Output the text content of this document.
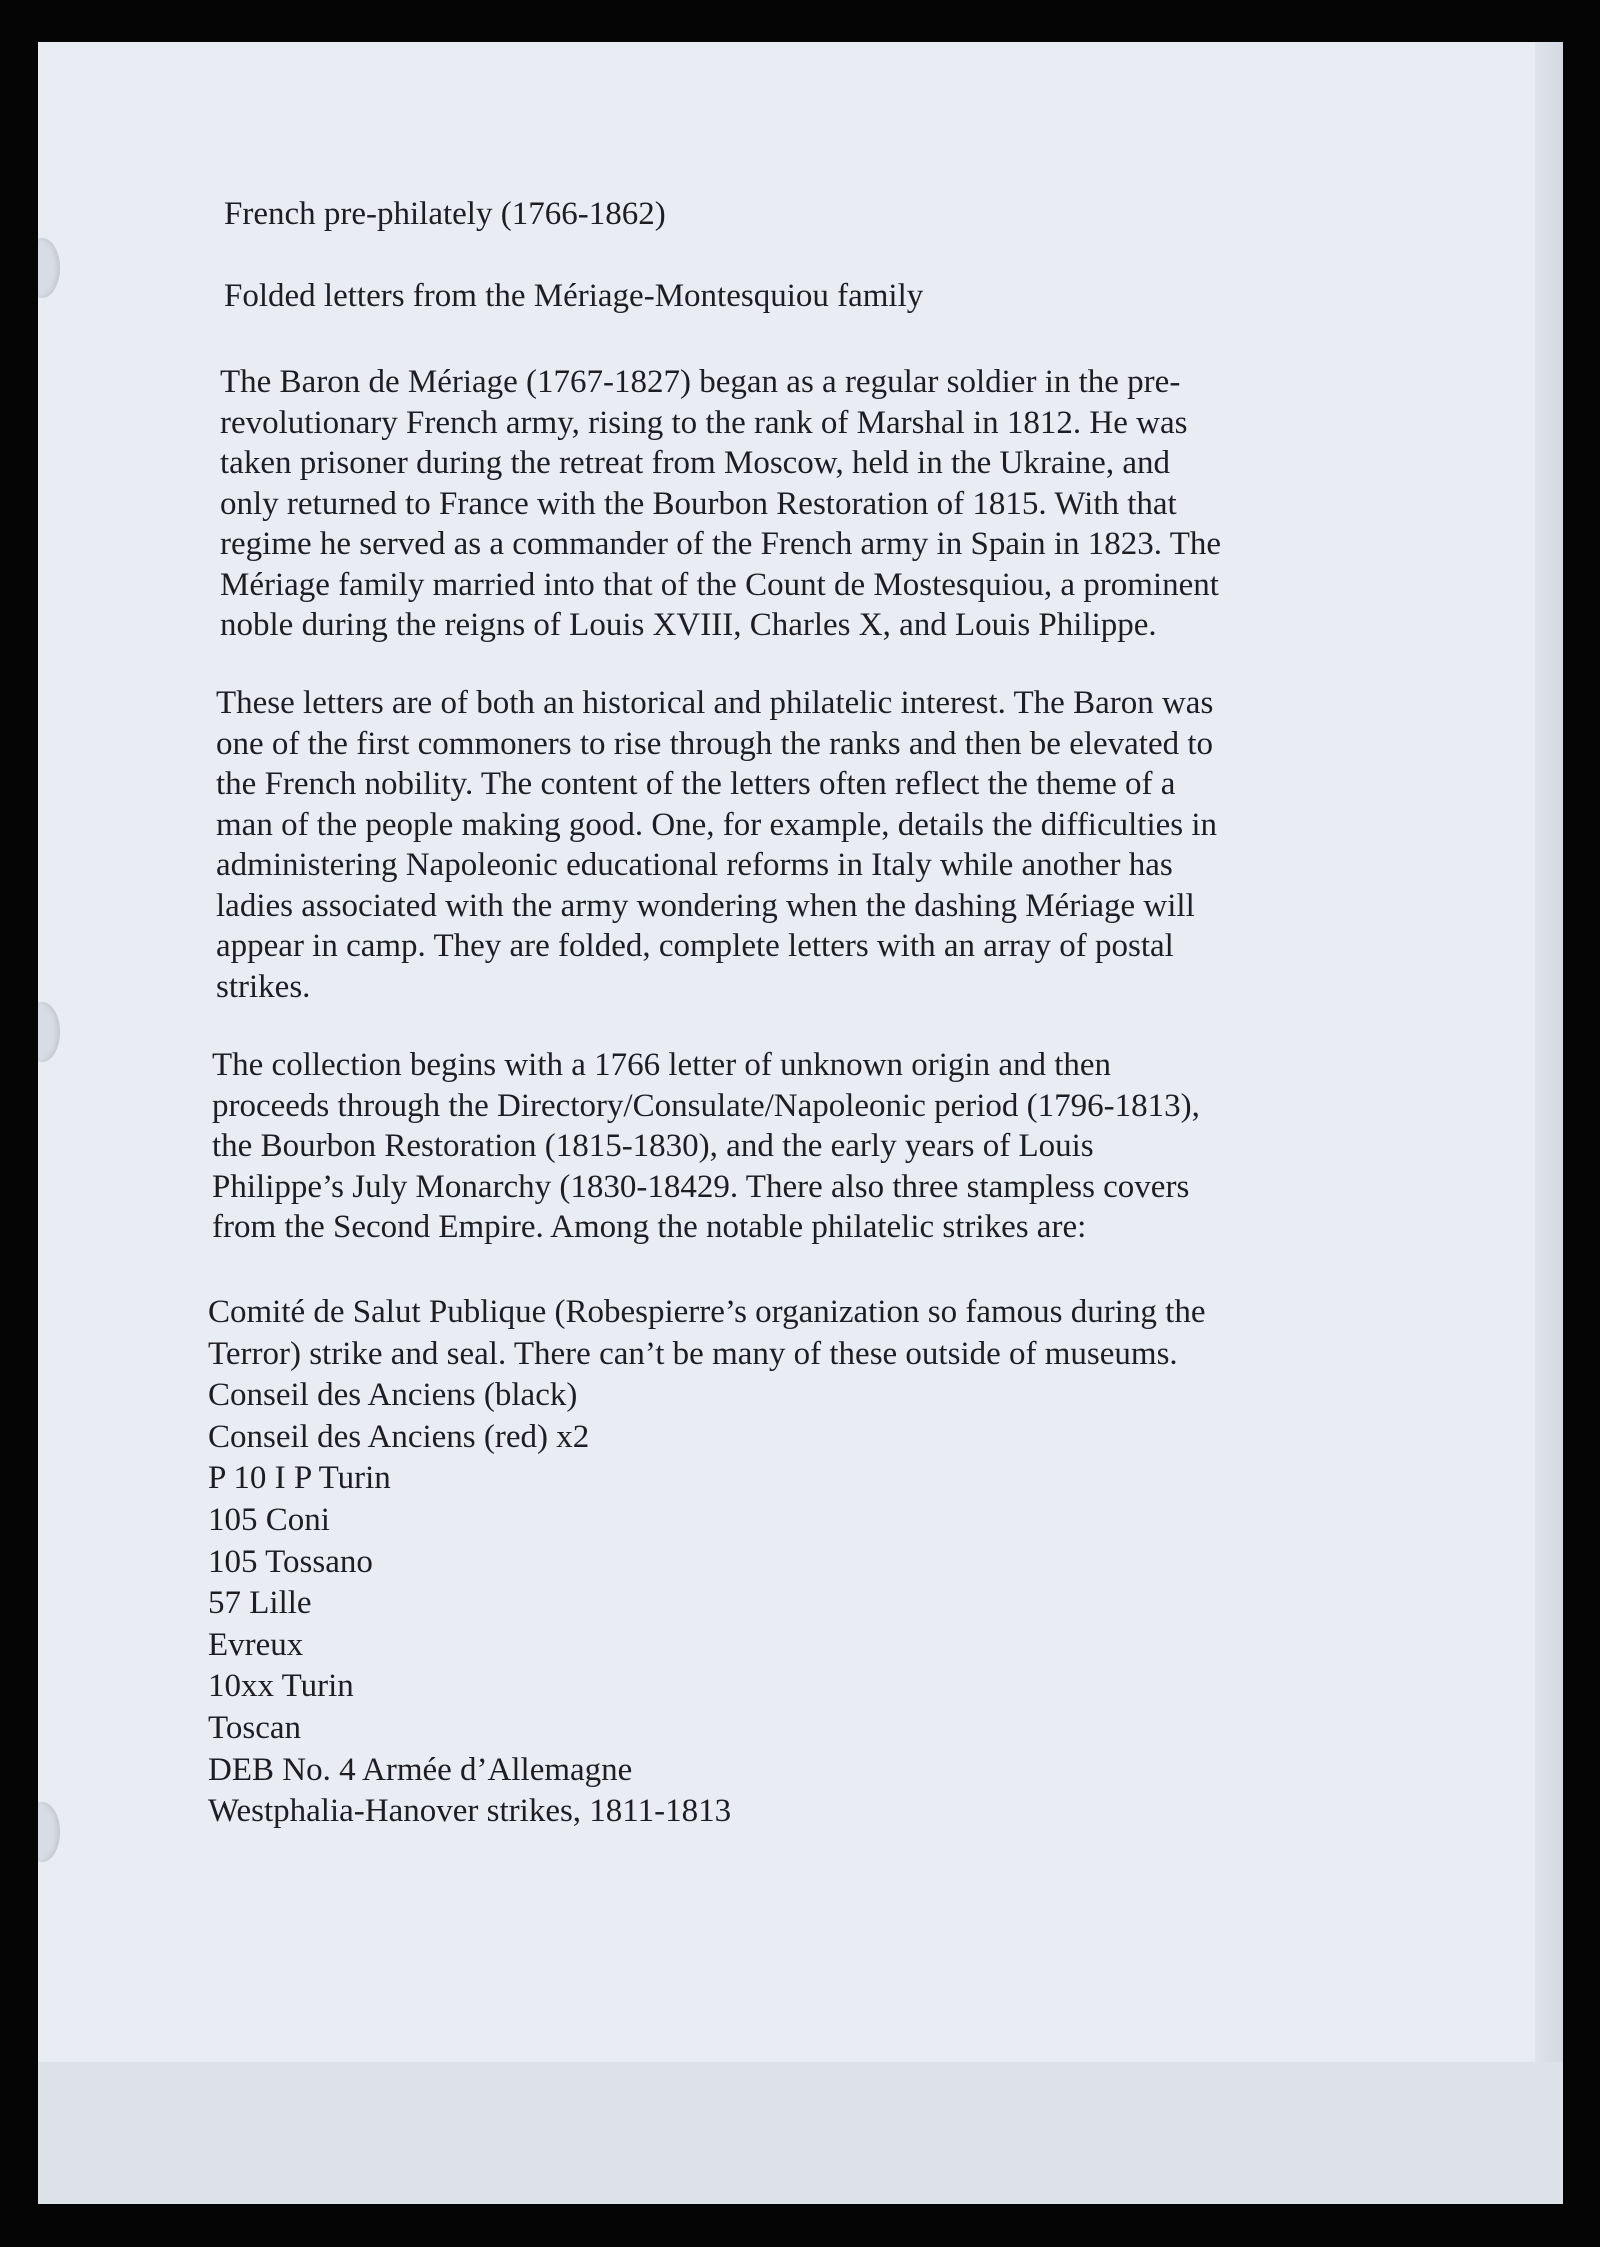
French pre-philately (1766-1862)
Folded letters from the Mériage-Montesquiou family
The Baron de Mériage (1767-1827) began as a regular soldier in the pre-
revolutionary French army, rising to the rank of Marshal in 1812. He was
taken prisoner during the retreat from Moscow, held in the Ukraine, and
only returned to France with the Bourbon Restoration of 1815. With that
regime he served as a commander of the French army in Spain in 1823. The
Mériage family married into that of the Count de Mostesquiou, a prominent
noble during the reigns of Louis XVIII, Charles X, and Louis Philippe.
These letters are of both an historical and philatelic interest. The Baron was
one of the first commoners to rise through the ranks and then be elevated to
the French nobility. The content of the letters often reflect the theme of a
man of the people making good. One, for example, details the difficulties in
administering Napoleonic educational reforms in Italy while another has
ladies associated with the army wondering when the dashing Mériage will
appear in camp. They are folded, complete letters with an array of postal
strikes.
The collection begins with a 1766 letter of unknown origin and then
proceeds through the Directory/Consulate/Napoleonic period (1796-1813),
the Bourbon Restoration (1815-1830), and the early years of Louis
Philippe’s July Monarchy (1830-18429. There also three stampless covers
from the Second Empire. Among the notable philatelic strikes are:
Comité de Salut Publique (Robespierre’s organization so famous during the
Terror) strike and seal. There can’t be many of these outside of museums.
Conseil des Anciens (black)
Conseil des Anciens (red) x2
P 10 I P Turin
105 Coni
105 Tossano
57 Lille
Evreux
10xx Turin
Toscan
DEB No. 4 Armée d’Allemagne
Westphalia-Hanover strikes, 1811-1813
